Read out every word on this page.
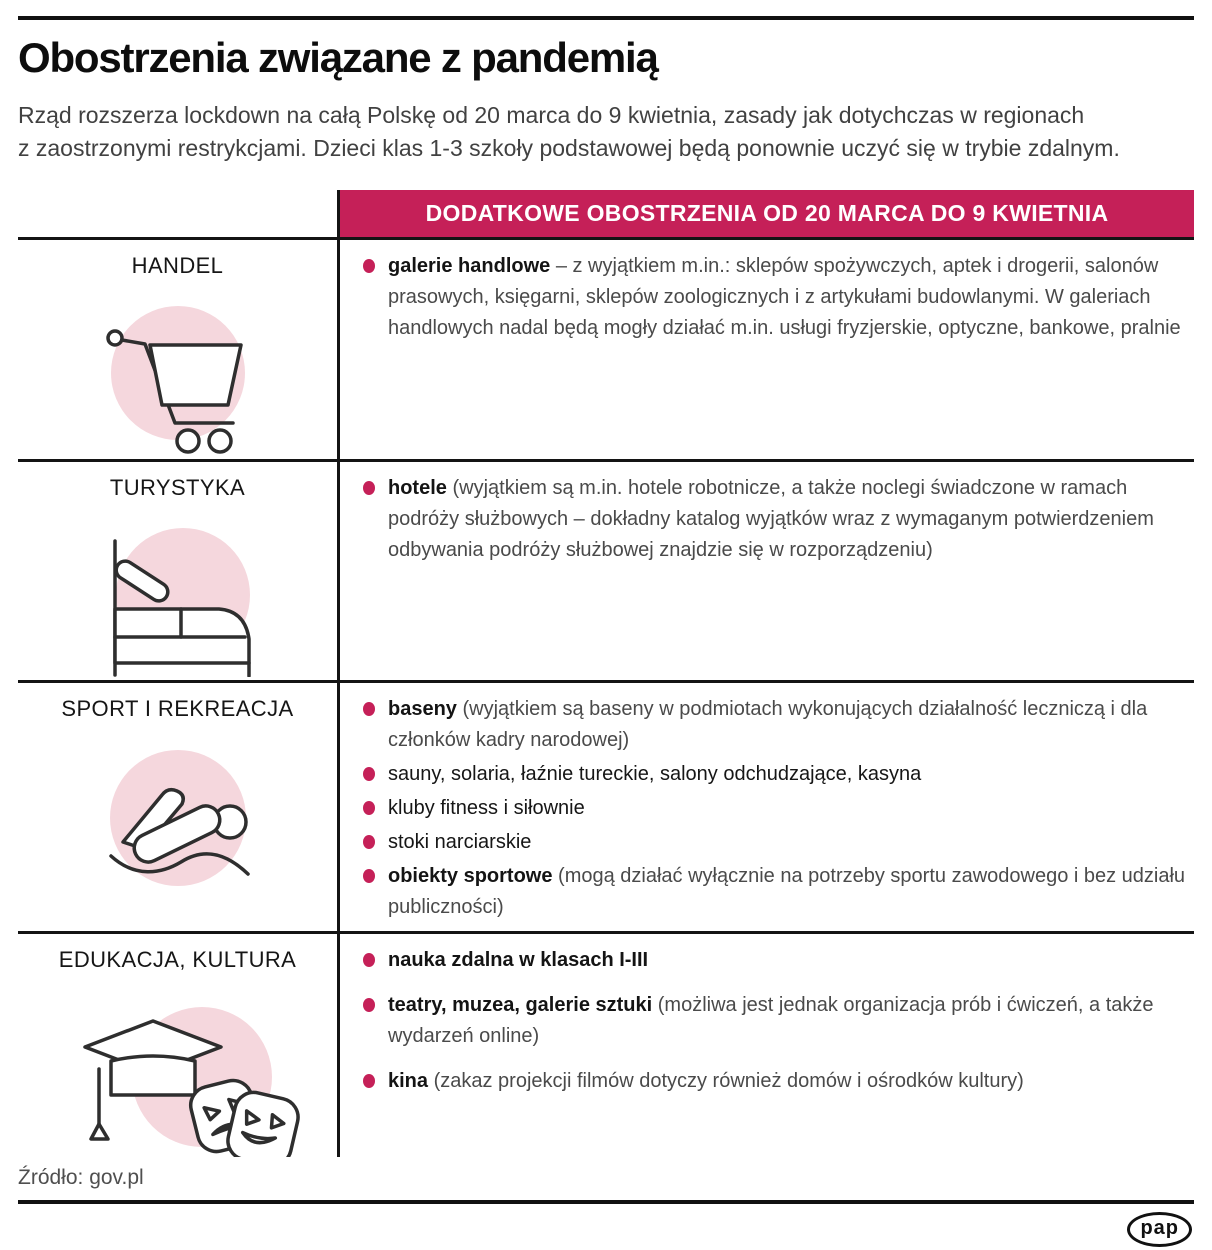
Obostrzenia związane z pandemią
Rząd rozszerza lockdown na całą Polskę od 20 marca do 9 kwietnia, zasady jak dotychczas w regionach
z zaostrzonymi restrykcjami. Dzieci klas 1-3 szkoły podstawowej będą ponownie uczyć się w trybie zdalnym.
DODATKOWE OBOSTRZENIA OD 20 MARCA DO 9 KWIETNIA
HANDEL	galerie handlowe – z wyjątkiem m.in.: sklepów spożywczych, aptek i drogerii, salonów prasowych, księgarni, sklepów zoologicznych i z artykułami budowlanymi. W galeriach handlowych nadal będą mogły działać m.in. usługi fryzjerskie, optyczne, bankowe, pralnie
TURYSTYKA	hotele (wyjątkiem są m.in. hotele robotnicze, a także noclegi świadczone w ramach podróży służbowych – dokładny katalog wyjątków wraz z wymaganym potwierdzeniem odbywania podróży służbowej znajdzie się w rozporządzeniu)
SPORT I REKREACJA	baseny (wyjątkiem są baseny w podmiotach wykonujących działalność leczniczą i dla członków kadry narodowej)
sauny, solaria, łaźnie tureckie, salony odchudzające, kasyna
kluby fitness i siłownie
stoki narciarskie
obiekty sportowe (mogą działać wyłącznie na potrzeby sportu zawodowego i bez udziału publiczności)
EDUKACJA, KULTURA	nauka zdalna w klasach I-III
teatry, muzea, galerie sztuki (możliwa jest jednak organizacja prób i ćwiczeń, a także wydarzeń online)
kina (zakaz projekcji filmów dotyczy również domów i ośrodków kultury)
Źródło: gov.pl
pap
